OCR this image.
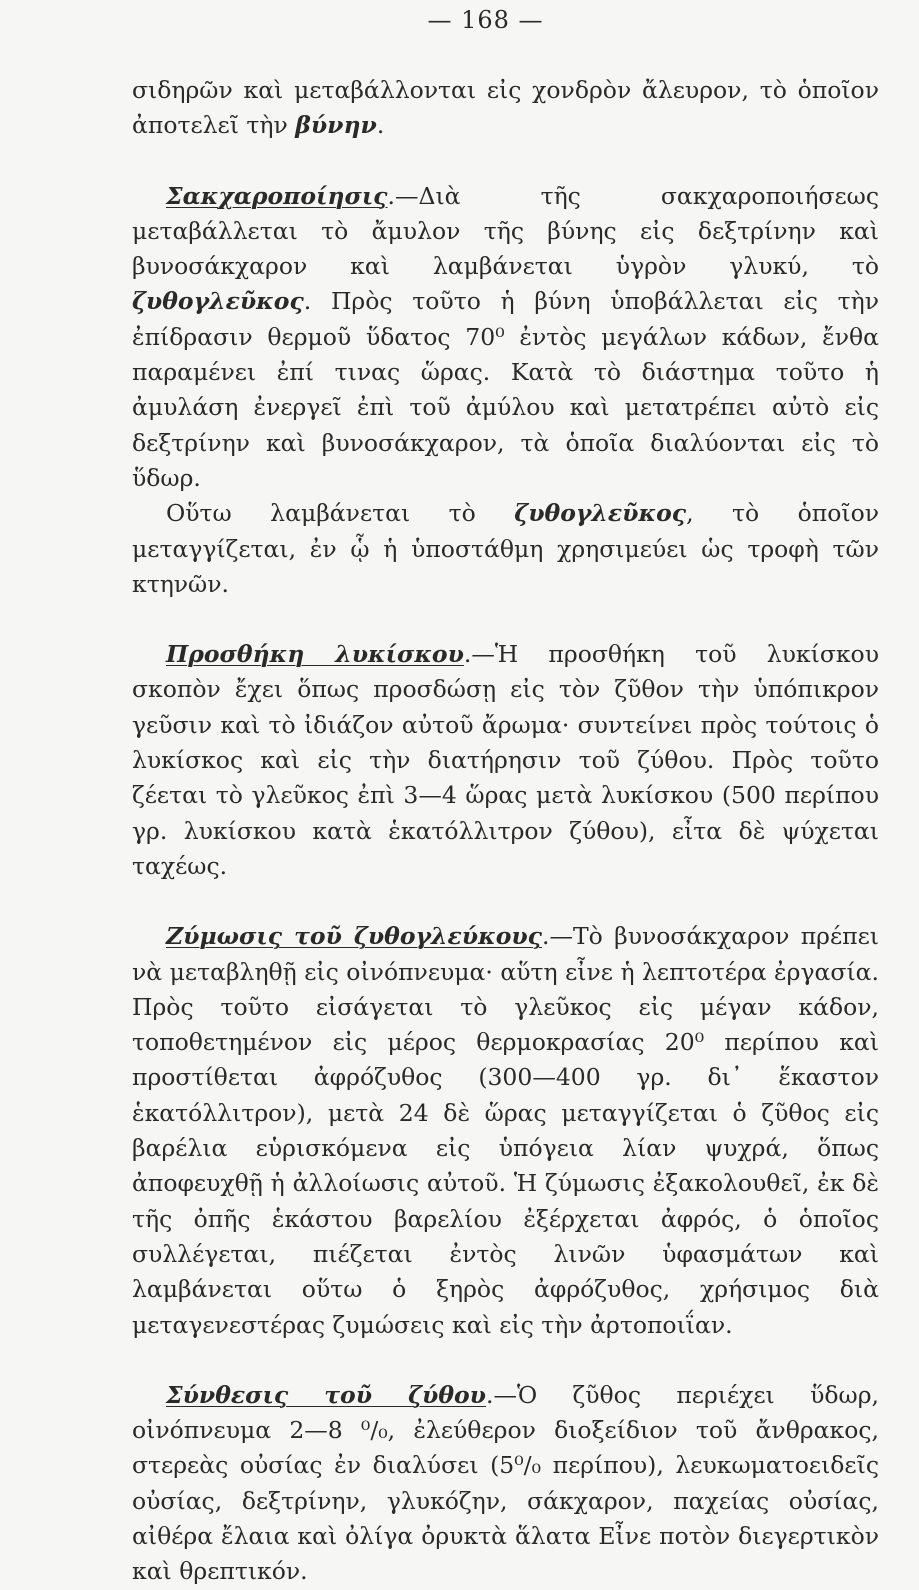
— 168 —

σιδηρῶν καὶ μεταβάλλονται εἰς χονδρὸν ἄλευρον, τὸ ὁποῖον ἀποτελεῖ τὴν βύνην.

Σακχαροποίησις.—Διὰ τῆς σακχαροποιήσεως μεταβάλλεται τὸ ἄμυλον τῆς βύνης εἰς δεξτρίνην καὶ βυνοσάκχαρον καὶ λαμβάνεται ὑγρὸν γλυκύ, τὸ ζυθογλεῦκος. Πρὸς τοῦτο ἡ βύνη ὑποβάλλεται εἰς τὴν ἐπίδρασιν θερμοῦ ὕδατος 70⁰ ἐντὸς μεγάλων κάδων, ἔνθα παραμένει ἐπί τινας ὥρας. Κατὰ τὸ διάστημα τοῦτο ἡ ἀμυλάση ἐνεργεῖ ἐπὶ τοῦ ἀμύλου καὶ μετατρέπει αὐτὸ εἰς δεξτρίνην καὶ βυνοσάκχαρον, τὰ ὁποῖα διαλύονται εἰς τὸ ὕδωρ.

Οὕτω λαμβάνεται τὸ ζυθογλεῦκος, τὸ ὁποῖον μεταγγίζεται, ἐν ᾧ ἡ ὑποστάθμη χρησιμεύει ὡς τροφὴ τῶν κτηνῶν.

Προσθήκη λυκίσκου.—Ἡ προσθήκη τοῦ λυκίσκου σκοπὸν ἔχει ὅπως προσδώσῃ εἰς τὸν ζῦθον τὴν ὑπόπικρον γεῦσιν καὶ τὸ ἰδιάζον αὐτοῦ ἄρωμα· συντείνει πρὸς τούτοις ὁ λυκίσκος καὶ εἰς τὴν διατήρησιν τοῦ ζύθου. Πρὸς τοῦτο ζέεται τὸ γλεῦκος ἐπὶ 3—4 ὥρας μετὰ λυκίσκου (500 περίπου γρ. λυκίσκου κατὰ ἑκατόλλιτρον ζύθου), εἶτα δὲ ψύχεται ταχέως.

Ζύμωσις τοῦ ζυθογλεύκους.—Τὸ βυνοσάκχαρον πρέπει νὰ μεταβληθῇ εἰς οἰνόπνευμα· αὕτη εἶνε ἡ λεπτοτέρα ἐργασία. Πρὸς τοῦτο εἰσάγεται τὸ γλεῦκος εἰς μέγαν κάδον, τοποθετημένον εἰς μέρος θερμοκρασίας 20⁰ περίπου καὶ προστίθεται ἀφρόζυθος (300—400 γρ. δι᾽ ἕκαστον ἑκατόλλιτρον), μετὰ 24 δὲ ὥρας μεταγγίζεται ὁ ζῦθος εἰς βαρέλια εὑρισκόμενα εἰς ὑπόγεια λίαν ψυχρά, ὅπως ἀποφευχθῇ ἡ ἀλλοίωσις αὐτοῦ. Ἡ ζύμωσις ἐξακολουθεῖ, ἐκ δὲ τῆς ὀπῆς ἑκάστου βαρελίου ἐξέρχεται ἀφρός, ὁ ὁποῖος συλλέγεται, πιέζεται ἐντὸς λινῶν ὑφασμάτων καὶ λαμβάνεται οὕτω ὁ ξηρὸς ἀφρόζυθος, χρήσιμος διὰ μεταγενεστέρας ζυμώσεις καὶ εἰς τὴν ἀρτοποιΐαν.

Σύνθεσις τοῦ ζύθου.—Ὁ ζῦθος περιέχει ὕδωρ, οἰνόπνευμα 2—8 ⁰/₀, ἐλεύθερον διοξείδιον τοῦ ἄνθρακος, στερεὰς οὐσίας ἐν διαλύσει (5⁰/₀ περίπου), λευκωματοειδεῖς οὐσίας, δεξτρίνην, γλυκόζην, σάκχαρον, παχείας οὐσίας, αἰθέρα ἔλαια καὶ ὀλίγα ὀρυκτὰ ἅλατα Εἶνε ποτὸν διεγερτικὸν καὶ θρεπτικόν.
